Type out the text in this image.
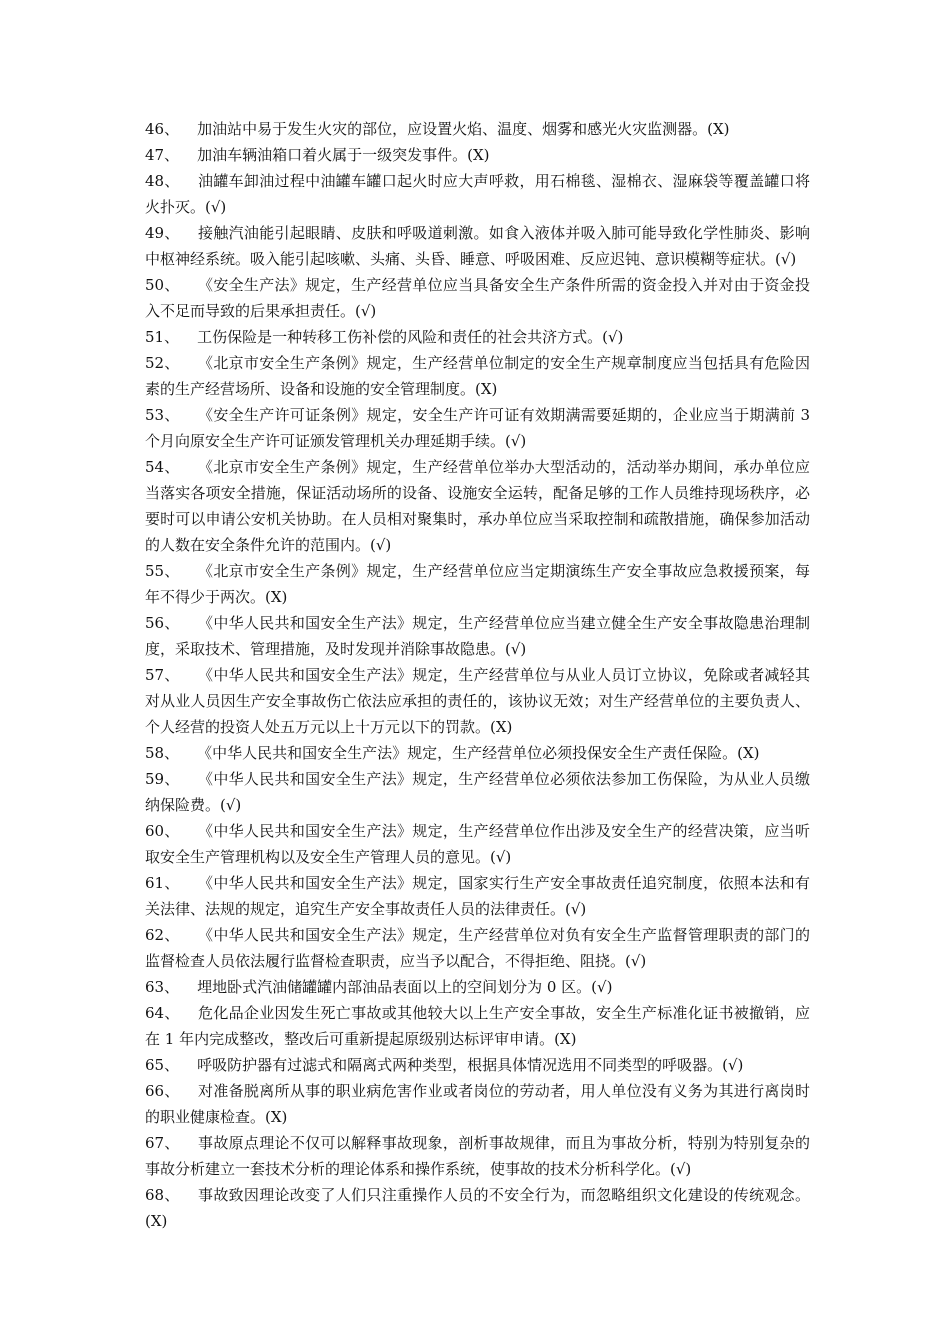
46、 加油站中易于发生火灾的部位，应设置火焰、温度、烟雾和感光火灾监测器。(X)

47、 加油车辆油箱口着火属于一级突发事件。(X)

48、 油罐车卸油过程中油罐车罐口起火时应大声呼救，用石棉毯、湿棉衣、湿麻袋等覆盖罐口将火扑灭。(√)

49、 接触汽油能引起眼睛、皮肤和呼吸道刺激。如食入液体并吸入肺可能导致化学性肺炎、影响中枢神经系统。吸入能引起咳嗽、头痛、头昏、睡意、呼吸困难、反应迟钝、意识模糊等症状。(√)

50、 《安全生产法》规定，生产经营单位应当具备安全生产条件所需的资金投入并对由于资金投入不足而导致的后果承担责任。(√)

51、 工伤保险是一种转移工伤补偿的风险和责任的社会共济方式。(√)

52、 《北京市安全生产条例》规定，生产经营单位制定的安全生产规章制度应当包括具有危险因素的生产经营场所、设备和设施的安全管理制度。(X)

53、 《安全生产许可证条例》规定，安全生产许可证有效期满需要延期的，企业应当于期满前 3 个月向原安全生产许可证颁发管理机关办理延期手续。(√)

54、 《北京市安全生产条例》规定，生产经营单位举办大型活动的，活动举办期间，承办单位应当落实各项安全措施，保证活动场所的设备、设施安全运转，配备足够的工作人员维持现场秩序，必要时可以申请公安机关协助。在人员相对聚集时，承办单位应当采取控制和疏散措施，确保参加活动的人数在安全条件允许的范围内。(√)

55、 《北京市安全生产条例》规定，生产经营单位应当定期演练生产安全事故应急救援预案，每年不得少于两次。(X)

56、 《中华人民共和国安全生产法》规定，生产经营单位应当建立健全生产安全事故隐患治理制度，采取技术、管理措施，及时发现并消除事故隐患。(√)

57、 《中华人民共和国安全生产法》规定，生产经营单位与从业人员订立协议，免除或者减轻其对从业人员因生产安全事故伤亡依法应承担的责任的，该协议无效；对生产经营单位的主要负责人、个人经营的投资人处五万元以上十万元以下的罚款。(X)

58、 《中华人民共和国安全生产法》规定，生产经营单位必须投保安全生产责任保险。(X)

59、 《中华人民共和国安全生产法》规定，生产经营单位必须依法参加工伤保险，为从业人员缴纳保险费。(√)

60、 《中华人民共和国安全生产法》规定，生产经营单位作出涉及安全生产的经营决策，应当听取安全生产管理机构以及安全生产管理人员的意见。(√)

61、 《中华人民共和国安全生产法》规定，国家实行生产安全事故责任追究制度，依照本法和有关法律、法规的规定，追究生产安全事故责任人员的法律责任。(√)

62、 《中华人民共和国安全生产法》规定，生产经营单位对负有安全生产监督管理职责的部门的监督检查人员依法履行监督检查职责，应当予以配合，不得拒绝、阻挠。(√)

63、 埋地卧式汽油储罐罐内部油品表面以上的空间划分为 0 区。(√)

64、 危化品企业因发生死亡事故或其他较大以上生产安全事故，安全生产标准化证书被撤销，应在 1 年内完成整改，整改后可重新提起原级别达标评审申请。(X)

65、 呼吸防护器有过滤式和隔离式两种类型，根据具体情况选用不同类型的呼吸器。(√)

66、 对准备脱离所从事的职业病危害作业或者岗位的劳动者，用人单位没有义务为其进行离岗时的职业健康检查。(X)

67、 事故原点理论不仅可以解释事故现象，剖析事故规律，而且为事故分析，特别为特别复杂的事故分析建立一套技术分析的理论体系和操作系统，使事故的技术分析科学化。(√)

68、 事故致因理论改变了人们只注重操作人员的不安全行为，而忽略组织文化建设的传统观念。(X)
